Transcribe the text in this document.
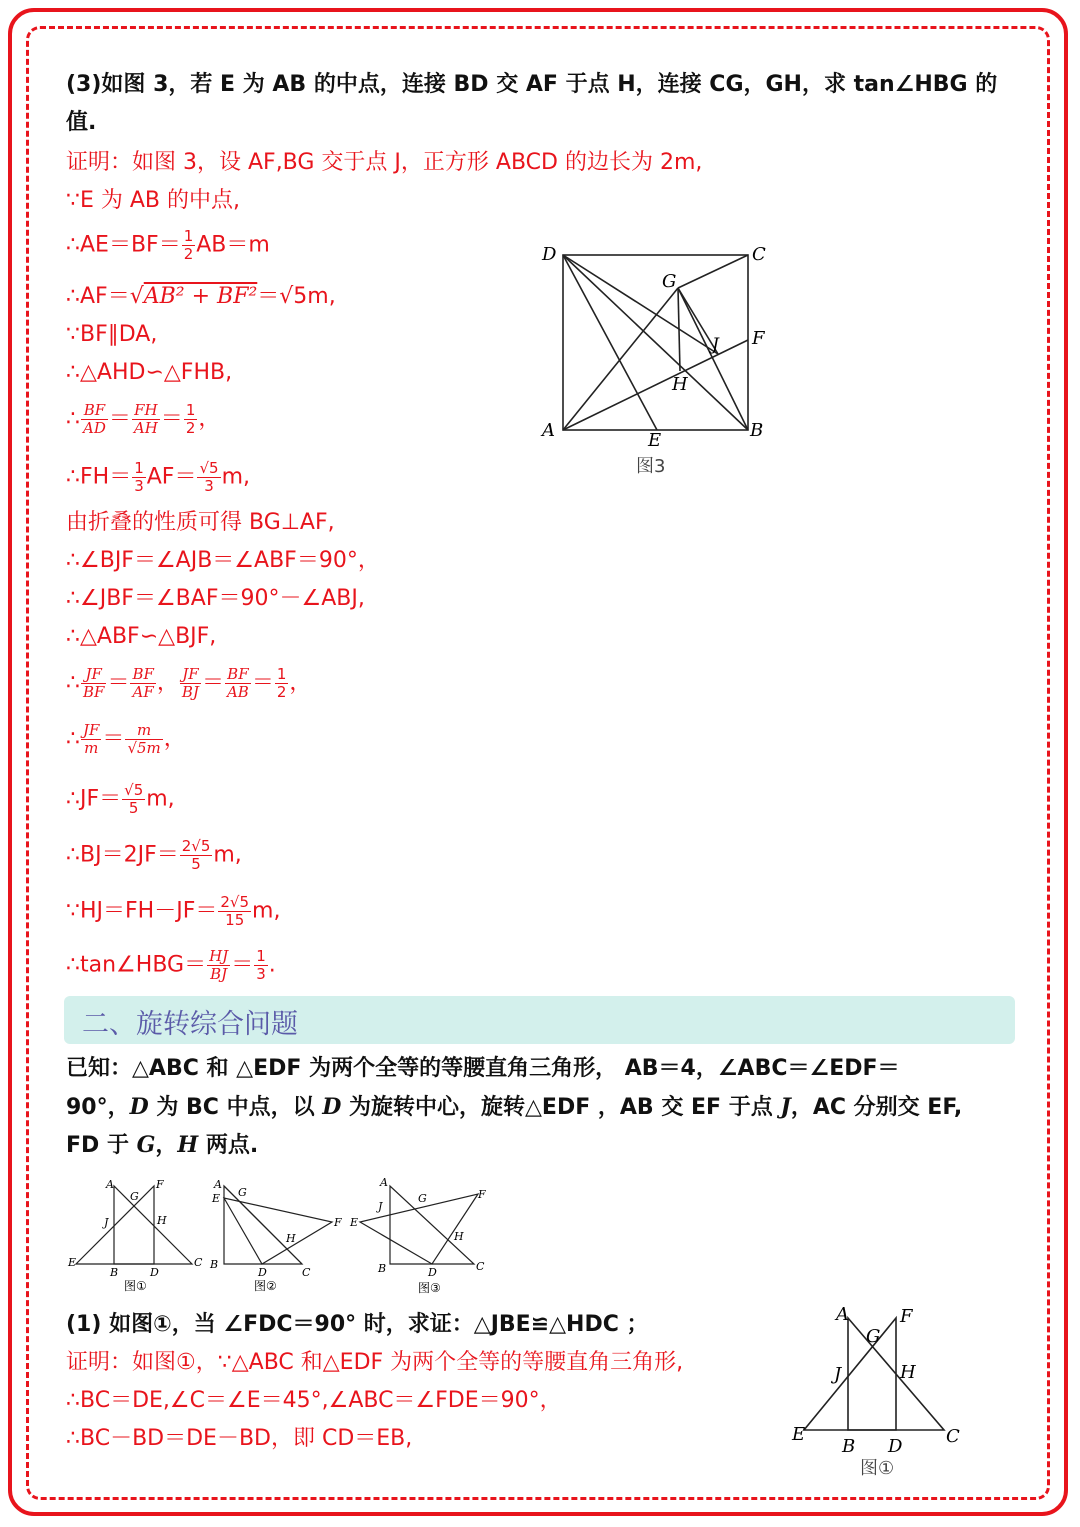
(3)如图 3，若 E 为 AB 的中点，连接 BD 交 AF 于点 H，连接 CG，GH，求 tan∠HBG 的
值.
证明：如图 3，设 AF,BG 交于点 J，正方形 ABCD 的边长为 2m,
∵E 为 AB 的中点,
∴AE＝BF＝ $\frac{1}{2} AB=m$
∴AF＝√AB² + BF²＝√5m,
∵BF∥DA,
∴△AHD∽△FHB,
∴ $\frac{BF}{AD} = \frac{FH}{AH} = \frac{1}{2}$ ，
∴FH＝ $\frac{1}{3} AF= \frac{√5}{3} m$,
由折叠的性质可得 BG⊥AF,
∴∠BJF＝∠AJB＝∠ABF＝90°，
∴∠JBF＝∠BAF＝90°－∠ABJ,
∴△ABF∽△BJF,
∴ $\frac{JF}{BF} = \frac{BF}{AF}$ ， $\frac{JF}{BJ} = \frac{BF}{AB} = \frac{1}{2}$ ，
∴ $\frac{JF}{m} = \frac{m}{√5m}$ ，
∴JF＝ $\frac{√5}{5} m$,
∴BJ＝2JF＝ $\frac{2√5}{5} m$,
∵HJ＝FH－JF＝ $\frac{2√5}{15} m$,
∴tan∠HBG＝ $\frac{HJ}{BJ} = \frac{1}{3}$ .
D	C
G
F
J
H
A	B
E
图3
二、旋转综合问题
已知：△ABC 和 △EDF 为两个全等的等腰直角三角形， AB＝4，∠ABC＝∠EDF＝
90°，D 为 BC 中点，以 D 为旋转中心，旋转△EDF ，AB 交 EF 于点 J，AC 分别交 EF,
FD 于 G，H 两点.
A	F
G
J	H
E	C
B	D
图①
A
E G
F
H
B
D	C
图②
A
F
G
J
E
H
B	D	C
图③
(1) 如图①，当 ∠FDC＝90° 时，求证：△JBE≌△HDC ；
证明：如图①，∵△ABC 和△EDF 为两个全等的等腰直角三角形,
∴BC＝DE,∠C＝∠E＝45°,∠ABC＝∠FDE＝90°，
∴BC－BD＝DE－BD，即 CD＝EB,
A	F
G
J	H
E	C
B D
图①
